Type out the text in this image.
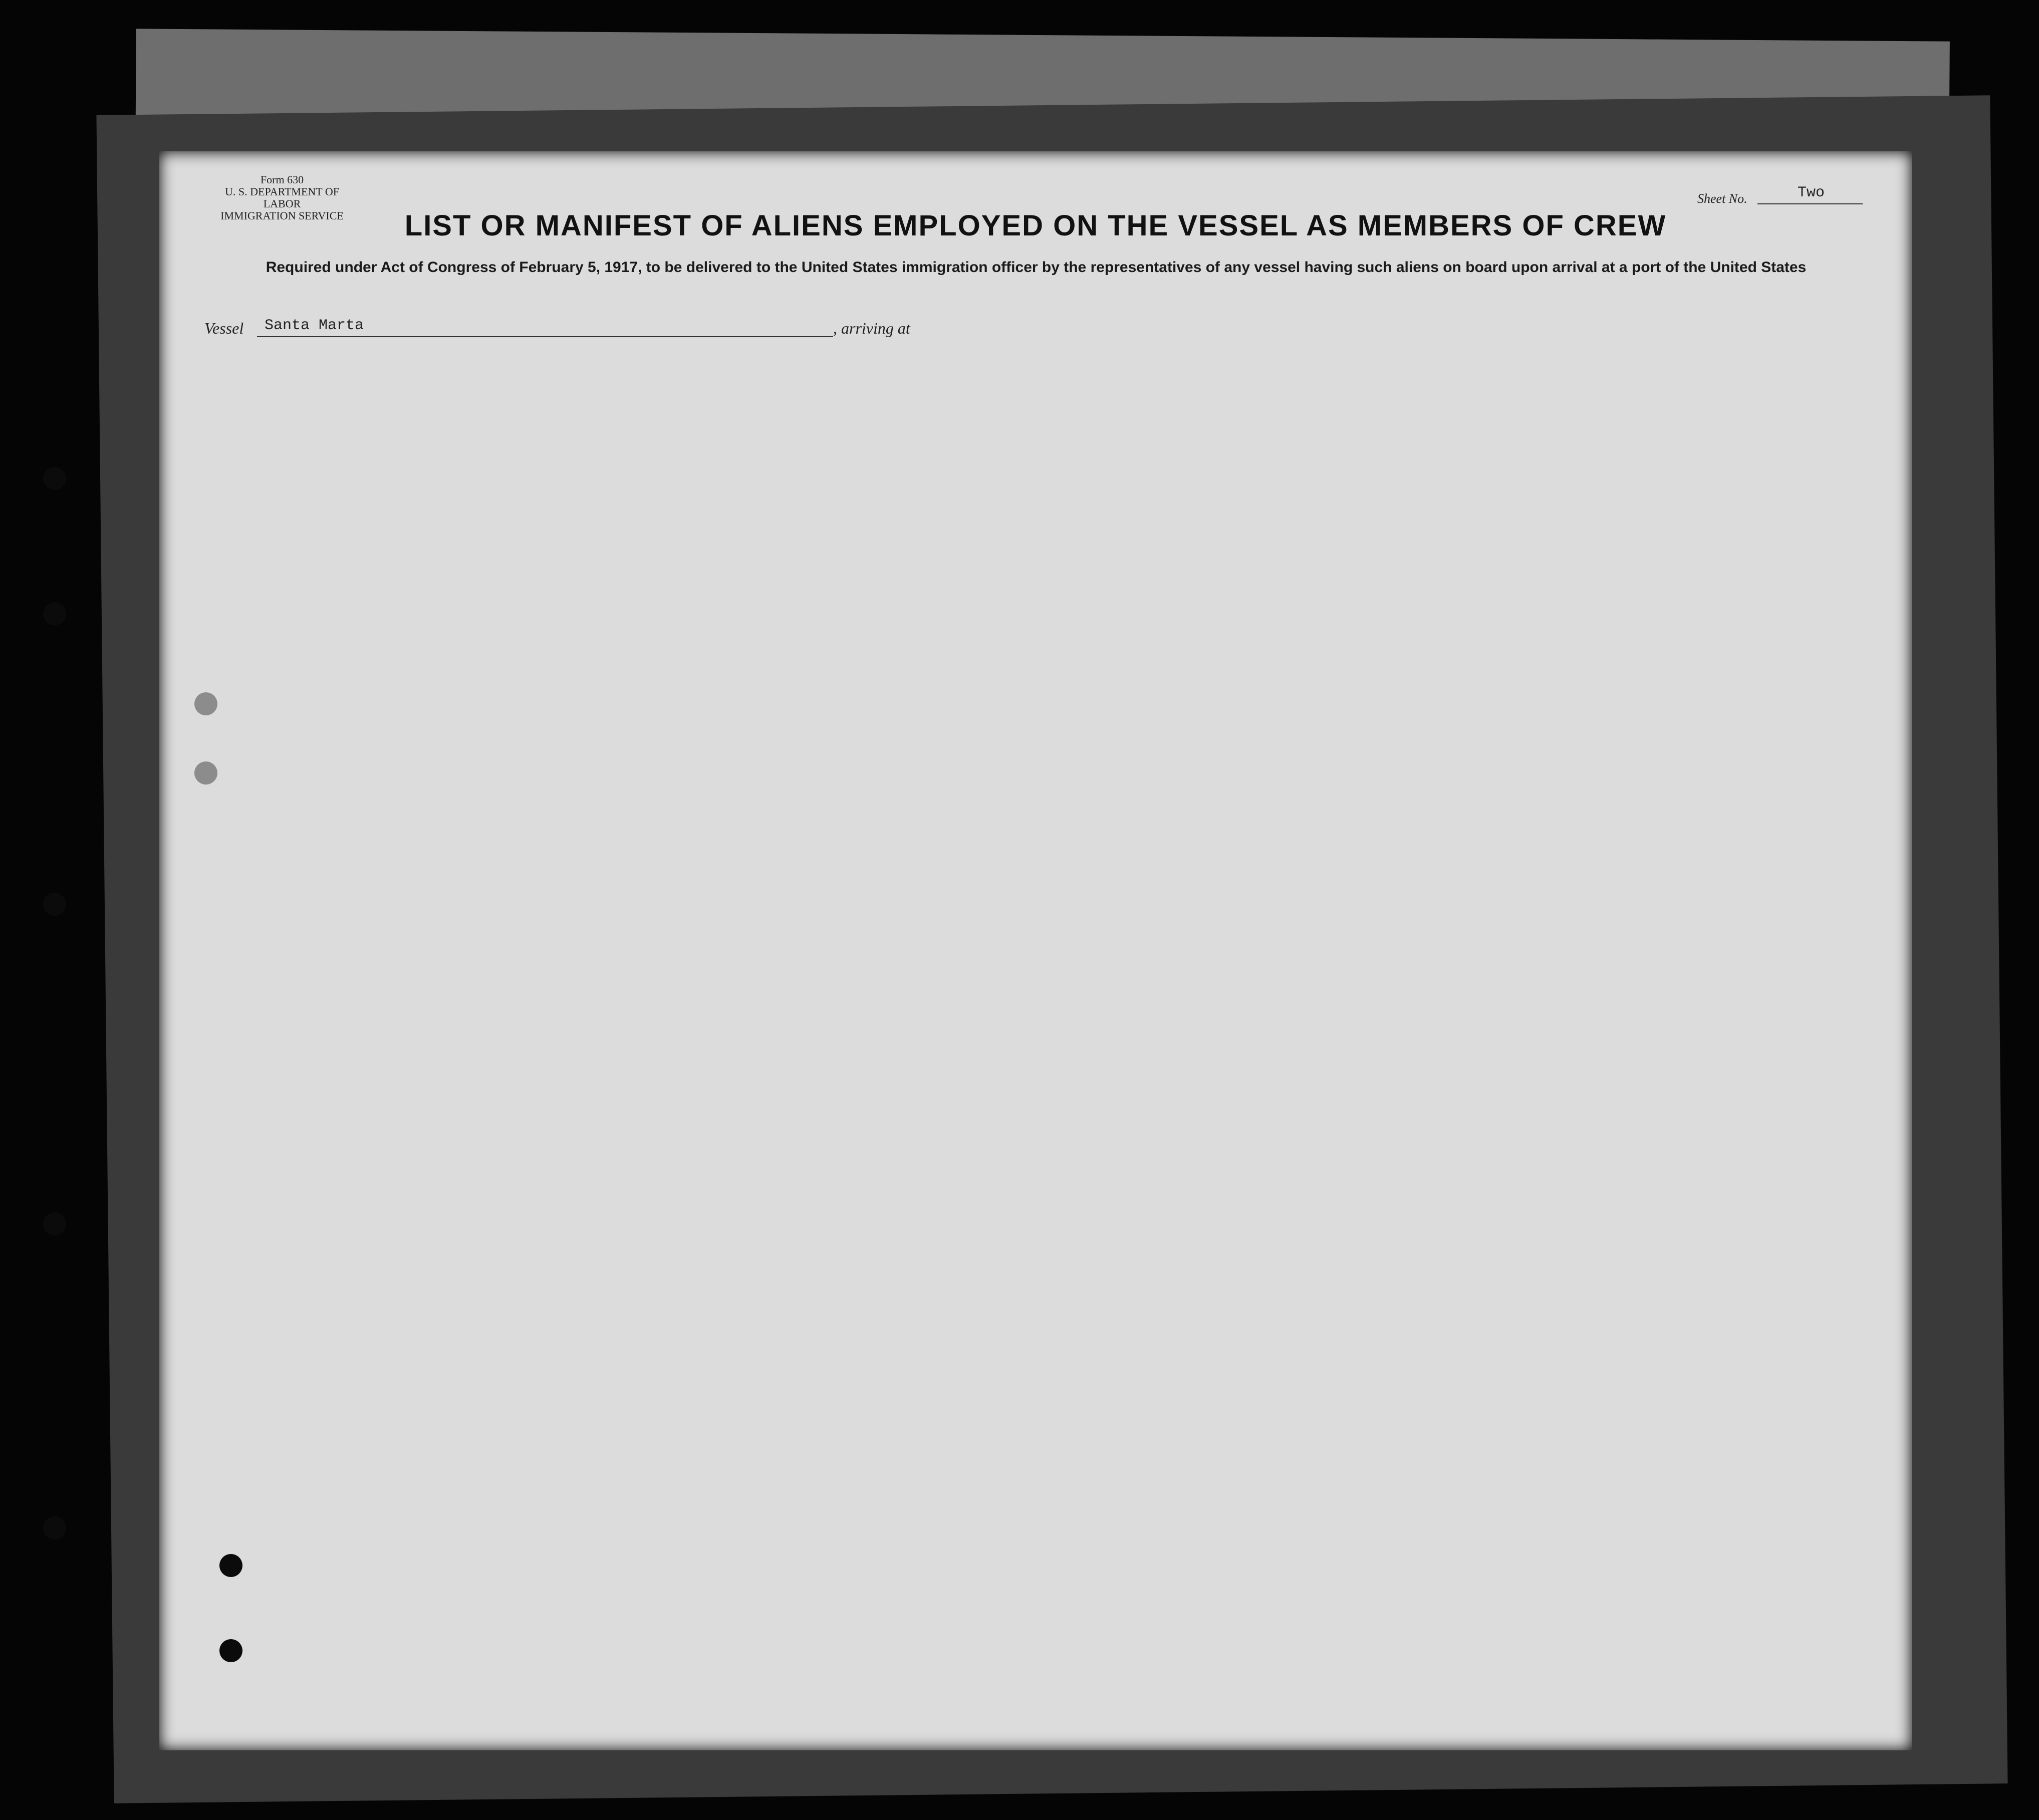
Form 630
U. S. DEPARTMENT OF LABOR
IMMIGRATION SERVICE
Sheet No.	Two
LIST OR MANIFEST OF ALIENS EMPLOYED ON THE VESSEL AS MEMBERS OF CREW
Required under Act of Congress of February 5, 1917, to be delivered to the United States immigration officer by the representatives of any vessel having such aliens on board upon arrival at a port of the United States
Vessel Santa Marta	, arriving at
